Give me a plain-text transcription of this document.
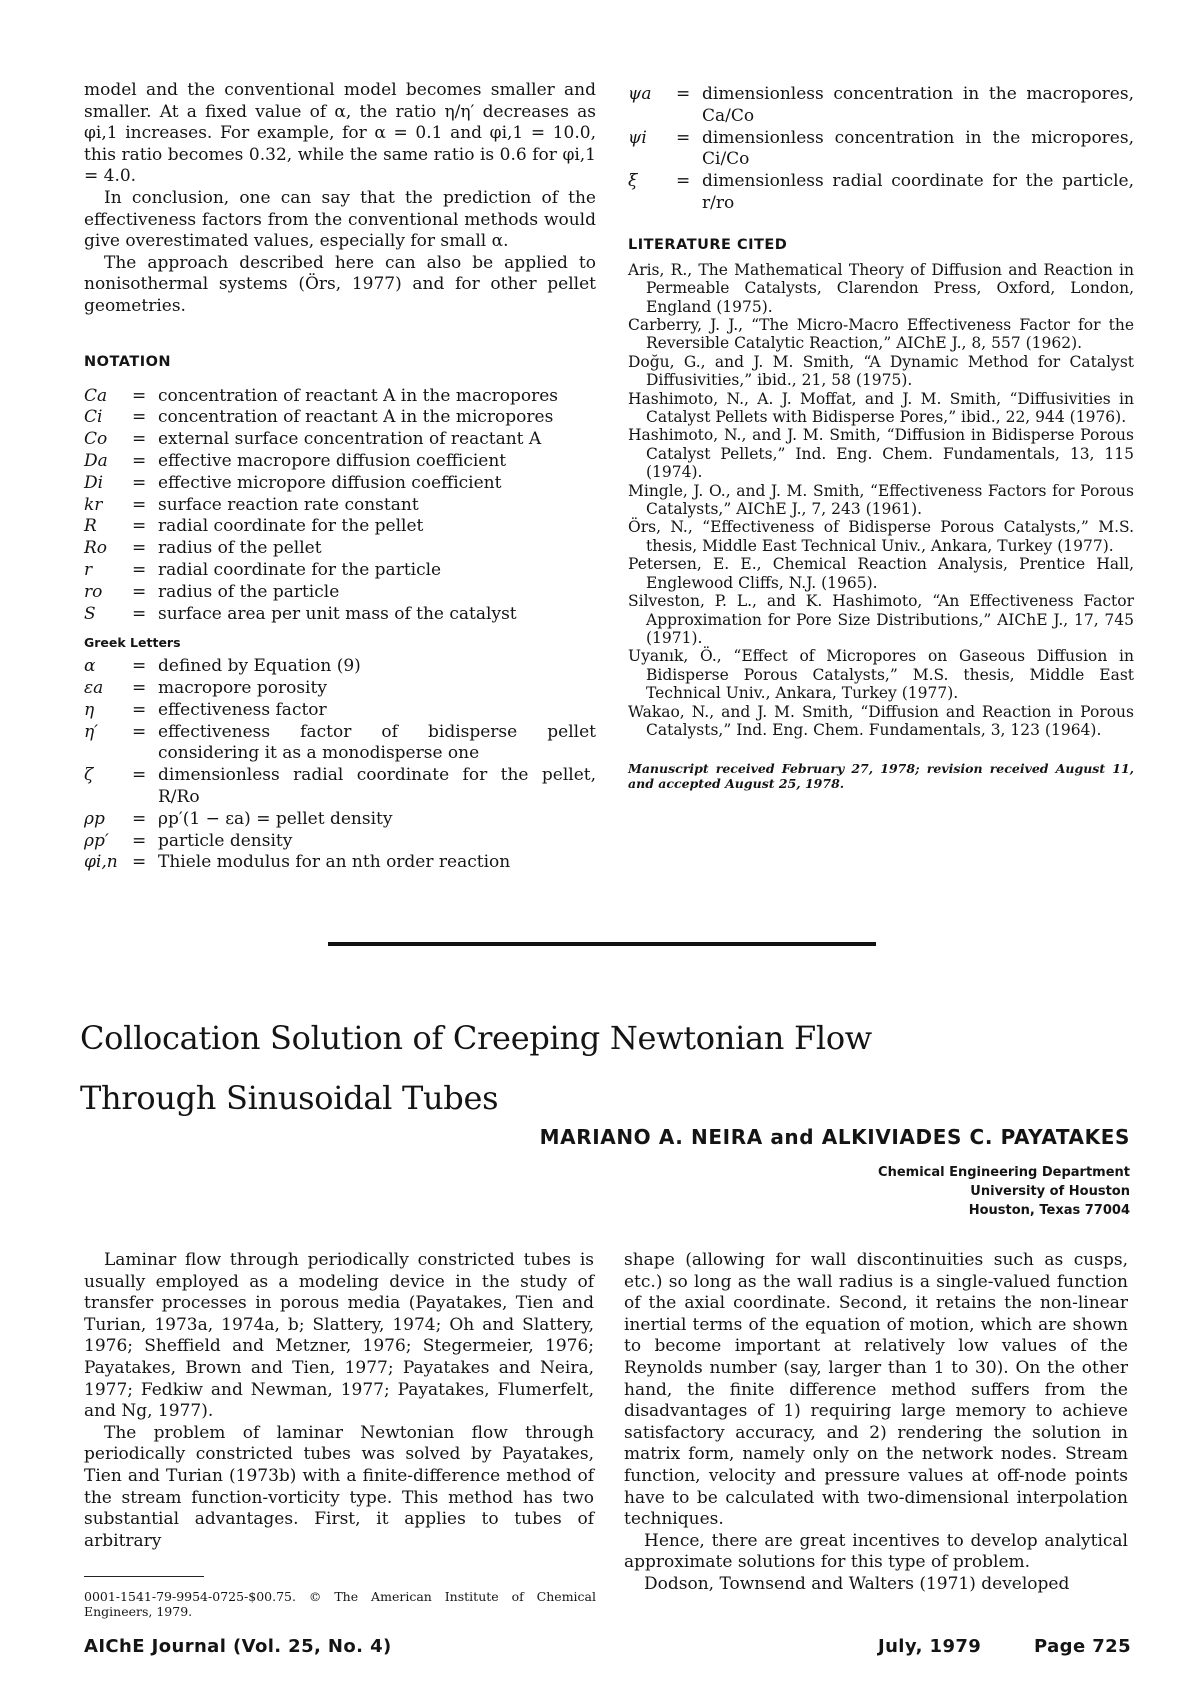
model and the conventional model becomes smaller and smaller. At a fixed value of α, the ratio η/η′ decreases as φi,1 increases. For example, for α = 0.1 and φi,1 = 10.0, this ratio becomes 0.32, while the same ratio is 0.6 for φi,1 = 4.0.

In conclusion, one can say that the prediction of the effectiveness factors from the conventional methods would give overestimated values, especially for small α.

The approach described here can also be applied to nonisothermal systems (Örs, 1977) and for other pellet geometries.

NOTATION
Ca	= concentration of reactant A in the macropores
Ci	= concentration of reactant A in the micropores
Co	= external surface concentration of reactant A
Da	= effective macropore diffusion coefficient
Di	= effective micropore diffusion coefficient
kr	= surface reaction rate constant
R	= radial coordinate for the pellet
Ro	= radius of the pellet
r	= radial coordinate for the particle
ro	= radius of the particle
S	= surface area per unit mass of the catalyst
Greek Letters
α	= defined by Equation (9)
εa	= macropore porosity
η	= effectiveness factor
η′	= effectiveness factor of bidisperse pellet considering it as a monodisperse one
ζ	= dimensionless radial coordinate for the pellet, R/Ro
ρp	= ρp′(1 − εa) = pellet density
ρp′	= particle density
φi,n = Thiele modulus for an nth order reaction
ψa	= dimensionless concentration in the macropores, Ca/Co
ψi	= dimensionless concentration in the micropores, Ci/Co
ξ	= dimensionless radial coordinate for the particle, r/ro
LITERATURE CITED
Aris, R., The Mathematical Theory of Diffusion and Reaction in Permeable Catalysts, Clarendon Press, Oxford, London, England (1975).
Carberry, J. J., “The Micro-Macro Effectiveness Factor for the Reversible Catalytic Reaction,” AIChE J., 8, 557 (1962).
Doğu, G., and J. M. Smith, “A Dynamic Method for Catalyst Diffusivities,” ibid., 21, 58 (1975).
Hashimoto, N., A. J. Moffat, and J. M. Smith, “Diffusivities in Catalyst Pellets with Bidisperse Pores,” ibid., 22, 944 (1976).
Hashimoto, N., and J. M. Smith, “Diffusion in Bidisperse Porous Catalyst Pellets,” Ind. Eng. Chem. Fundamentals, 13, 115 (1974).
Mingle, J. O., and J. M. Smith, “Effectiveness Factors for Porous Catalysts,” AIChE J., 7, 243 (1961).
Örs, N., “Effectiveness of Bidisperse Porous Catalysts,” M.S. thesis, Middle East Technical Univ., Ankara, Turkey (1977).
Petersen, E. E., Chemical Reaction Analysis, Prentice Hall, Englewood Cliffs, N.J. (1965).
Silveston, P. L., and K. Hashimoto, “An Effectiveness Factor Approximation for Pore Size Distributions,” AIChE J., 17, 745 (1971).
Uyanık, Ö., “Effect of Micropores on Gaseous Diffusion in Bidisperse Porous Catalysts,” M.S. thesis, Middle East Technical Univ., Ankara, Turkey (1977).
Wakao, N., and J. M. Smith, “Diffusion and Reaction in Porous Catalysts,” Ind. Eng. Chem. Fundamentals, 3, 123 (1964).
Manuscript received February 27, 1978; revision received August 11, and accepted August 25, 1978.
Collocation Solution of Creeping Newtonian Flow
Through Sinusoidal Tubes
MARIANO A. NEIRA and ALKIVIADES C. PAYATAKES
Chemical Engineering Department
University of Houston
Houston, Texas 77004

Laminar flow through periodically constricted tubes is usually employed as a modeling device in the study of transfer processes in porous media (Payatakes, Tien and Turian, 1973a, 1974a, b; Slattery, 1974; Oh and Slattery, 1976; Sheffield and Metzner, 1976; Stegermeier, 1976; Payatakes, Brown and Tien, 1977; Payatakes and Neira, 1977; Fedkiw and Newman, 1977; Payatakes, Flumerfelt, and Ng, 1977).

The problem of laminar Newtonian flow through periodically constricted tubes was solved by Payatakes, Tien and Turian (1973b) with a finite-difference method of the stream function-vorticity type. This method has two substantial advantages. First, it applies to tubes of arbitrary

shape (allowing for wall discontinuities such as cusps, etc.) so long as the wall radius is a single-valued function of the axial coordinate. Second, it retains the non-linear inertial terms of the equation of motion, which are shown to become important at relatively low values of the Reynolds number (say, larger than 1 to 30). On the other hand, the finite difference method suffers from the disadvantages of 1) requiring large memory to achieve satisfactory accuracy, and 2) rendering the solution in matrix form, namely only on the network nodes. Stream function, velocity and pressure values at off-node points have to be calculated with two-dimensional interpolation techniques.

Hence, there are great incentives to develop analytical approximate solutions for this type of problem.

Dodson, Townsend and Walters (1971) developed

0001-1541-79-9954-0725-$00.75. © The American Institute of Chemical Engineers, 1979.
AIChE Journal (Vol. 25, No. 4)	July, 1979	Page 725
